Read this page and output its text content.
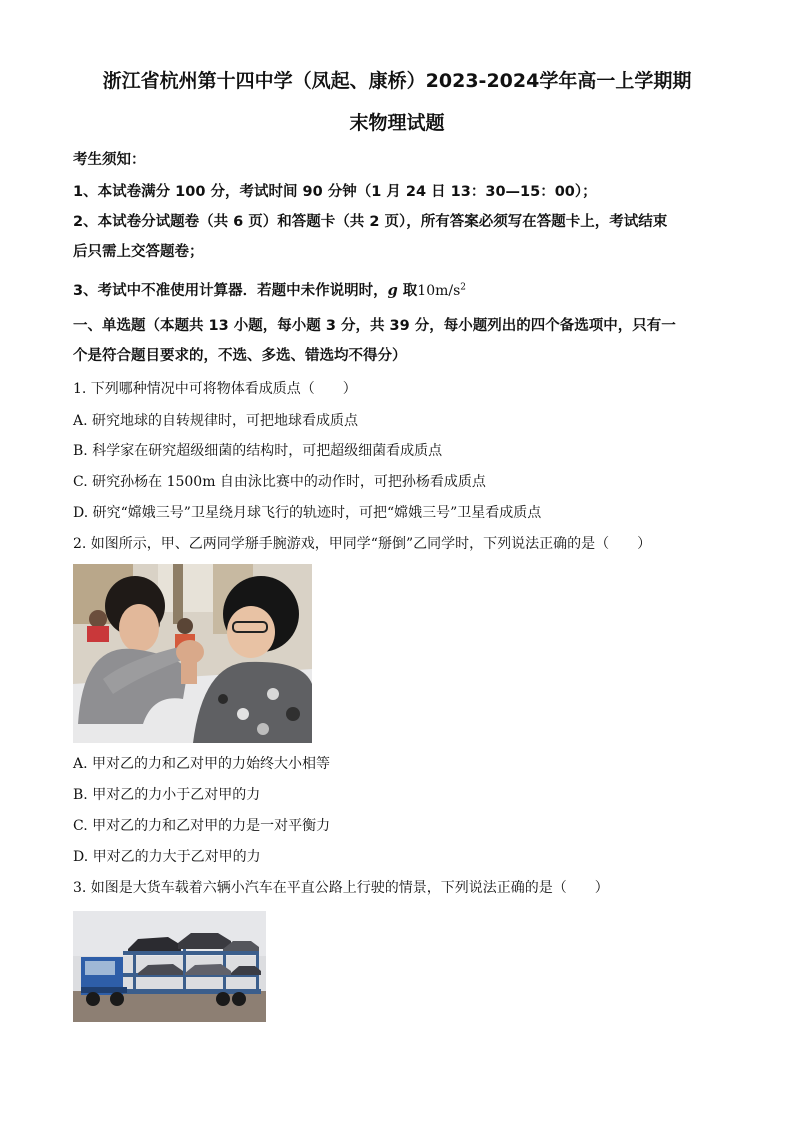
浙江省杭州第十四中学（凤起、康桥）2023-2024学年高一上学期期
末物理试题
考生须知：
1、本试卷满分 100 分，考试时间 90 分钟（1 月 24 日 13：30—15：00）；
2、本试卷分试题卷（共 6 页）和答题卡（共 2 页），所有答案必须写在答题卡上，考试结束
后只需上交答题卷；
3、考试中不准使用计算器．若题中未作说明时，g 取$10m/s^2$
一、单选题（本题共 13 小题，每小题 3 分，共 39 分，每小题列出的四个备选项中，只有一
个是符合题目要求的，不选、多选、错选均不得分）
1. 下列哪种情况中可将物体看成质点（　　）
A. 研究地球的自转规律时，可把地球看成质点
B. 科学家在研究超级细菌的结构时，可把超级细菌看成质点
C. 研究孙杨在 1500m 自由泳比赛中的动作时，可把孙杨看成质点
D. 研究“嫦娥三号”卫星绕月球飞行的轨迹时，可把“嫦娥三号”卫星看成质点
2. 如图所示，甲、乙两同学掰手腕游戏，甲同学“掰倒”乙同学时，下列说法正确的是（　　）
A. 甲对乙的力和乙对甲的力始终大小相等
B. 甲对乙的力小于乙对甲的力
C. 甲对乙的力和乙对甲的力是一对平衡力
D. 甲对乙的力大于乙对甲的力
3. 如图是大货车载着六辆小汽车在平直公路上行驶的情景，下列说法正确的是（　　）
